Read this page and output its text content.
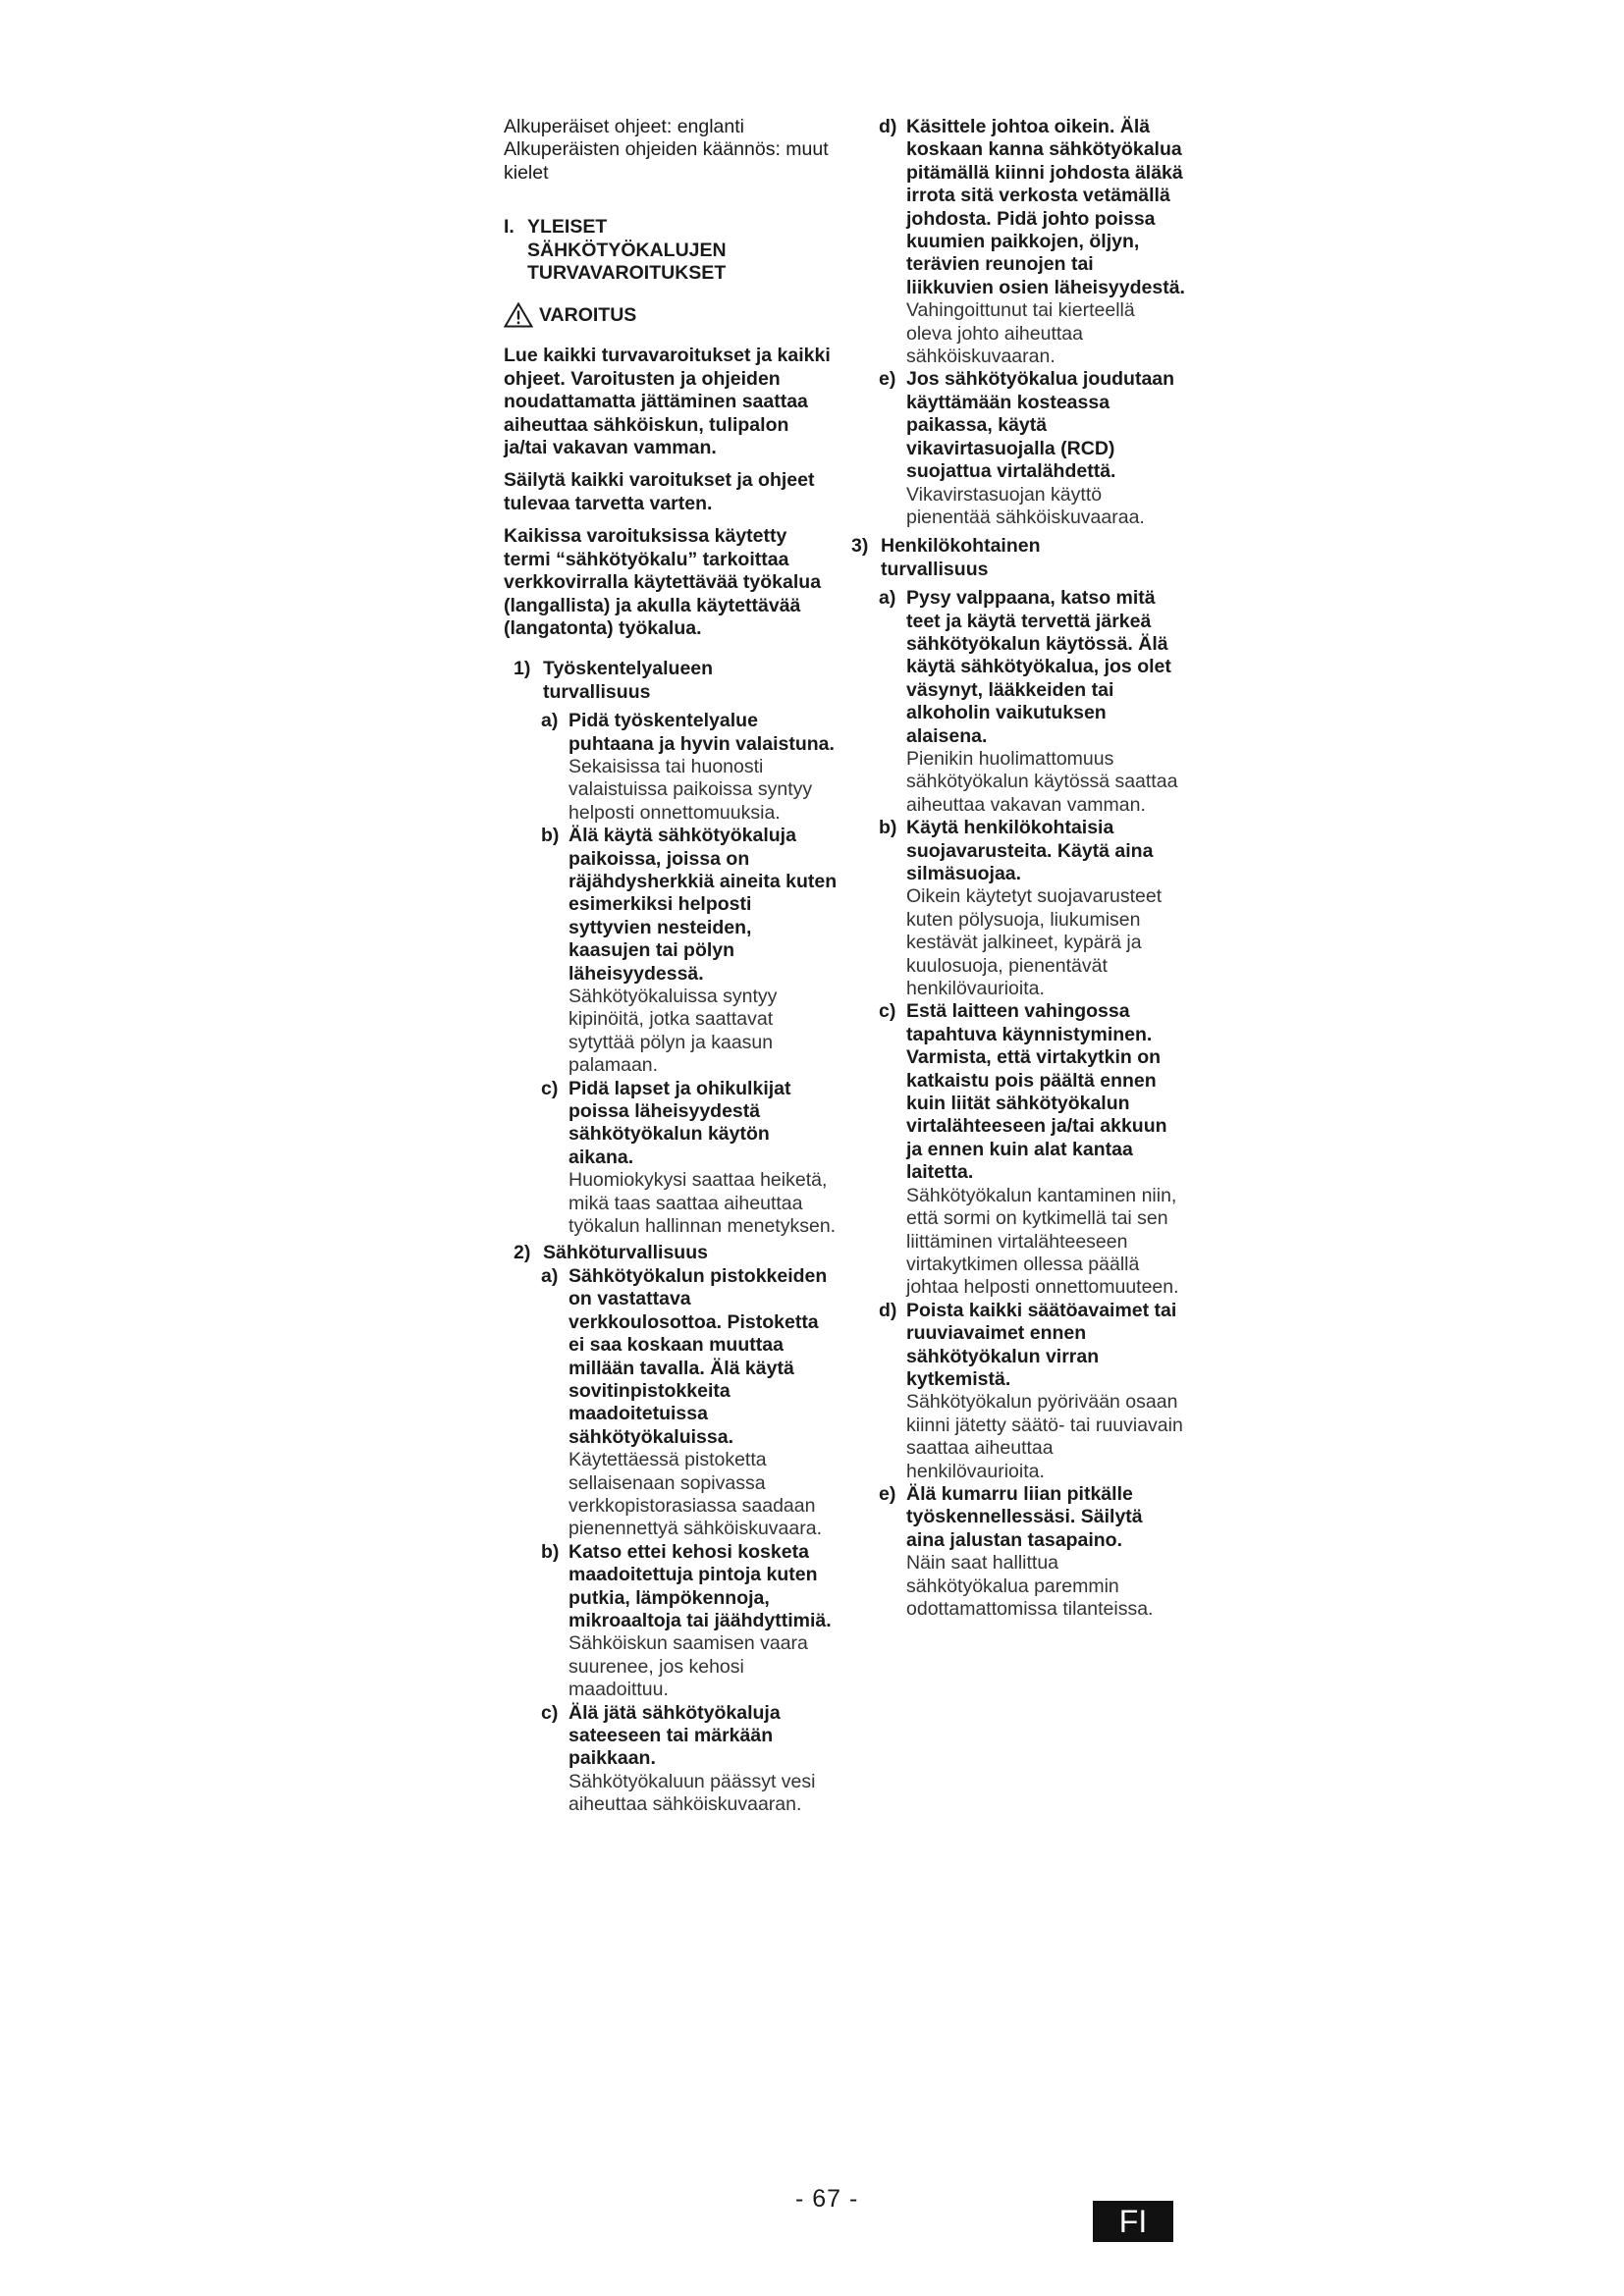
Alkuperäiset ohjeet: englanti

Alkuperäisten ohjeiden käännös: muut kielet

I. YLEISET SÄHKÖTYÖKALUJEN TURVAVAROITUKSET
VAROITUS

Lue kaikki turvavaroitukset ja kaikki ohjeet. Varoitusten ja ohjeiden noudattamatta jättäminen saattaa aiheuttaa sähköiskun, tulipalon ja/tai vakavan vamman.

Säilytä kaikki varoitukset ja ohjeet tulevaa tarvetta varten.

Kaikissa varoituksissa käytetty termi “sähkötyökalu” tarkoittaa verkkovirralla käytettävää työkalua (langallista) ja akulla käytettävää (langatonta) työkalua.

1) Työskentelyalueen turvallisuus
a) Pidä työskentelyalue puhtaana ja hyvin valaistuna.
Sekaisissa tai huonosti valaistuissa paikoissa syntyy helposti onnettomuuksia.
b) Älä käytä sähkötyökaluja paikoissa, joissa on räjähdysherkkiä aineita kuten esimerkiksi helposti syttyvien nesteiden, kaasujen tai pölyn läheisyydessä.
Sähkötyökaluissa syntyy kipinöitä, jotka saattavat sytyttää pölyn ja kaasun palamaan.
c) Pidä lapset ja ohikulkijat poissa läheisyydestä sähkötyökalun käytön aikana.
Huomiokykysi saattaa heiketä, mikä taas saattaa aiheuttaa työkalun hallinnan menetyksen.
2) Sähköturvallisuus
a) Sähkötyökalun pistokkeiden on vastattava verkkoulosottoa. Pistoketta ei saa koskaan muuttaa millään tavalla. Älä käytä sovitinpistokkeita maadoitetuissa sähkötyökaluissa.
Käytettäessä pistoketta sellaisenaan sopivassa verkkopistorasiassa saadaan pienennettyä sähköiskuvaara.
b) Katso ettei kehosi kosketa maadoitettuja pintoja kuten putkia, lämpökennoja, mikroaaltoja tai jäähdyttimiä.
Sähköiskun saamisen vaara suurenee, jos kehosi maadoittuu.
c) Älä jätä sähkötyökaluja sateeseen tai märkään paikkaan.
Sähkötyökaluun päässyt vesi aiheuttaa sähköiskuvaaran.
d) Käsittele johtoa oikein. Älä koskaan kanna sähkötyökalua pitämällä kiinni johdosta äläkä irrota sitä verkosta vetämällä johdosta. Pidä johto poissa kuumien paikkojen, öljyn, terävien reunojen tai liikkuvien osien läheisyydestä.
Vahingoittunut tai kierteellä oleva johto aiheuttaa sähköiskuvaaran.
e) Jos sähkötyökalua joudutaan käyttämään kosteassa paikassa, käytä vikavirtasuojalla (RCD) suojattua virtalähdettä.
Vikavirstasuojan käyttö pienentää sähköiskuvaaraa.
3) Henkilökohtainen turvallisuus
a) Pysy valppaana, katso mitä teet ja käytä tervettä järkeä sähkötyökalun käytössä. Älä käytä sähkötyökalua, jos olet väsynyt, lääkkeiden tai alkoholin vaikutuksen alaisena.
Pienikin huolimattomuus sähkötyökalun käytössä saattaa aiheuttaa vakavan vamman.
b) Käytä henkilökohtaisia suojavarusteita. Käytä aina silmäsuojaa.
Oikein käytetyt suojavarusteet kuten pölysuoja, liukumisen kestävät jalkineet, kypärä ja kuulosuoja, pienentävät henkilövaurioita.
c) Estä laitteen vahingossa tapahtuva käynnistyminen. Varmista, että virtakytkin on katkaistu pois päältä ennen kuin liität sähkötyökalun virtalähteeseen ja/tai akkuun ja ennen kuin alat kantaa laitetta.
Sähkötyökalun kantaminen niin, että sormi on kytkimellä tai sen liittäminen virtalähteeseen virtakytkimen ollessa päällä johtaa helposti onnettomuuteen.
d) Poista kaikki säätöavaimet tai ruuviavaimet ennen sähkötyökalun virran kytkemistä.
Sähkötyökalun pyörivään osaan kiinni jätetty säätö- tai ruuviavain saattaa aiheuttaa henkilövaurioita.
e) Älä kumarru liian pitkälle työskennellessäsi. Säilytä aina jalustan tasapaino.
Näin saat hallittua sähkötyökalua paremmin odottamattomissa tilanteissa.
- 67 -
FI
